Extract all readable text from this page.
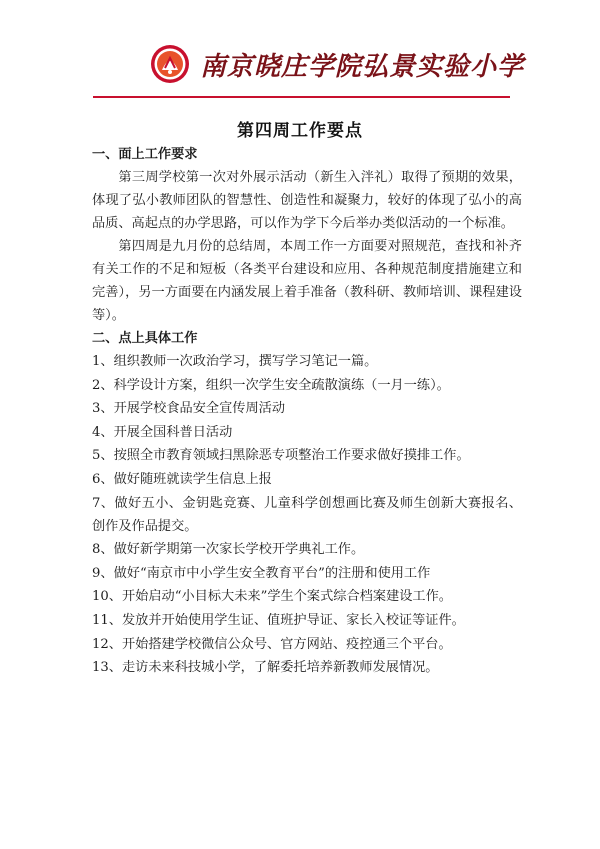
南京晓庄学院弘景实验小学
第四周工作要点

一、面上工作要求

第三周学校第一次对外展示活动（新生入泮礼）取得了预期的效果，体现了弘小教师团队的智慧性、创造性和凝聚力，较好的体现了弘小的高品质、高起点的办学思路，可以作为学下今后举办类似活动的一个标准。

第四周是九月份的总结周，本周工作一方面要对照规范，查找和补齐有关工作的不足和短板（各类平台建设和应用、各种规范制度措施建立和完善），另一方面要在内涵发展上着手准备（教科研、教师培训、课程建设等）。

二、点上具体工作

1、组织教师一次政治学习，撰写学习笔记一篇。

2、科学设计方案，组织一次学生安全疏散演练（一月一练）。

3、开展学校食品安全宣传周活动

4、开展全国科普日活动

5、按照全市教育领域扫黑除恶专项整治工作要求做好摸排工作。

6、做好随班就读学生信息上报

7、做好五小、金钥匙竞赛、儿童科学创想画比赛及师生创新大赛报名、创作及作品提交。

8、做好新学期第一次家长学校开学典礼工作。

9、做好“南京市中小学生安全教育平台”的注册和使用工作

10、开始启动“小目标大未来”学生个案式综合档案建设工作。

11、发放并开始使用学生证、值班护导证、家长入校证等证件。

12、开始搭建学校微信公众号、官方网站、疫控通三个平台。

13、走访未来科技城小学，了解委托培养新教师发展情况。
